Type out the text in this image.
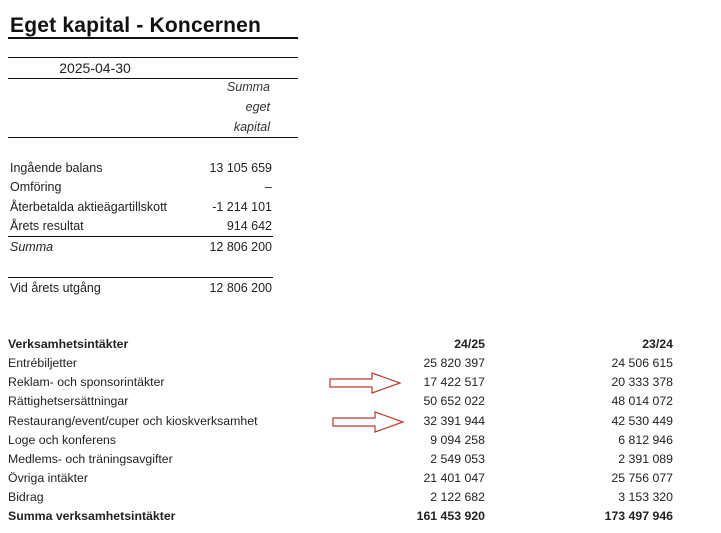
Eget kapital - Koncernen
2025-04-30
Summa
eget
kapital
Ingående balans	13 105 659
Omföring	–
Återbetalda aktieägartillskott	-1 214 101
Årets resultat	914 642
Summa	12 806 200
Vid årets utgång	12 806 200
Verksamhetsintäkter	24/25	23/24
Entrébiljetter	25 820 397	24 506 615
Reklam- och sponsorintäkter	17 422 517	20 333 378
Rättighetsersättningar	50 652 022	48 014 072
Restaurang/event/cuper och kioskverksamhet	32 391 944	42 530 449
Loge och konferens	9 094 258	6 812 946
Medlems- och träningsavgifter	2 549 053	2 391 089
Övriga intäkter	21 401 047	25 756 077
Bidrag	2 122 682	3 153 320
Summa verksamhetsintäkter	161 453 920	173 497 946
